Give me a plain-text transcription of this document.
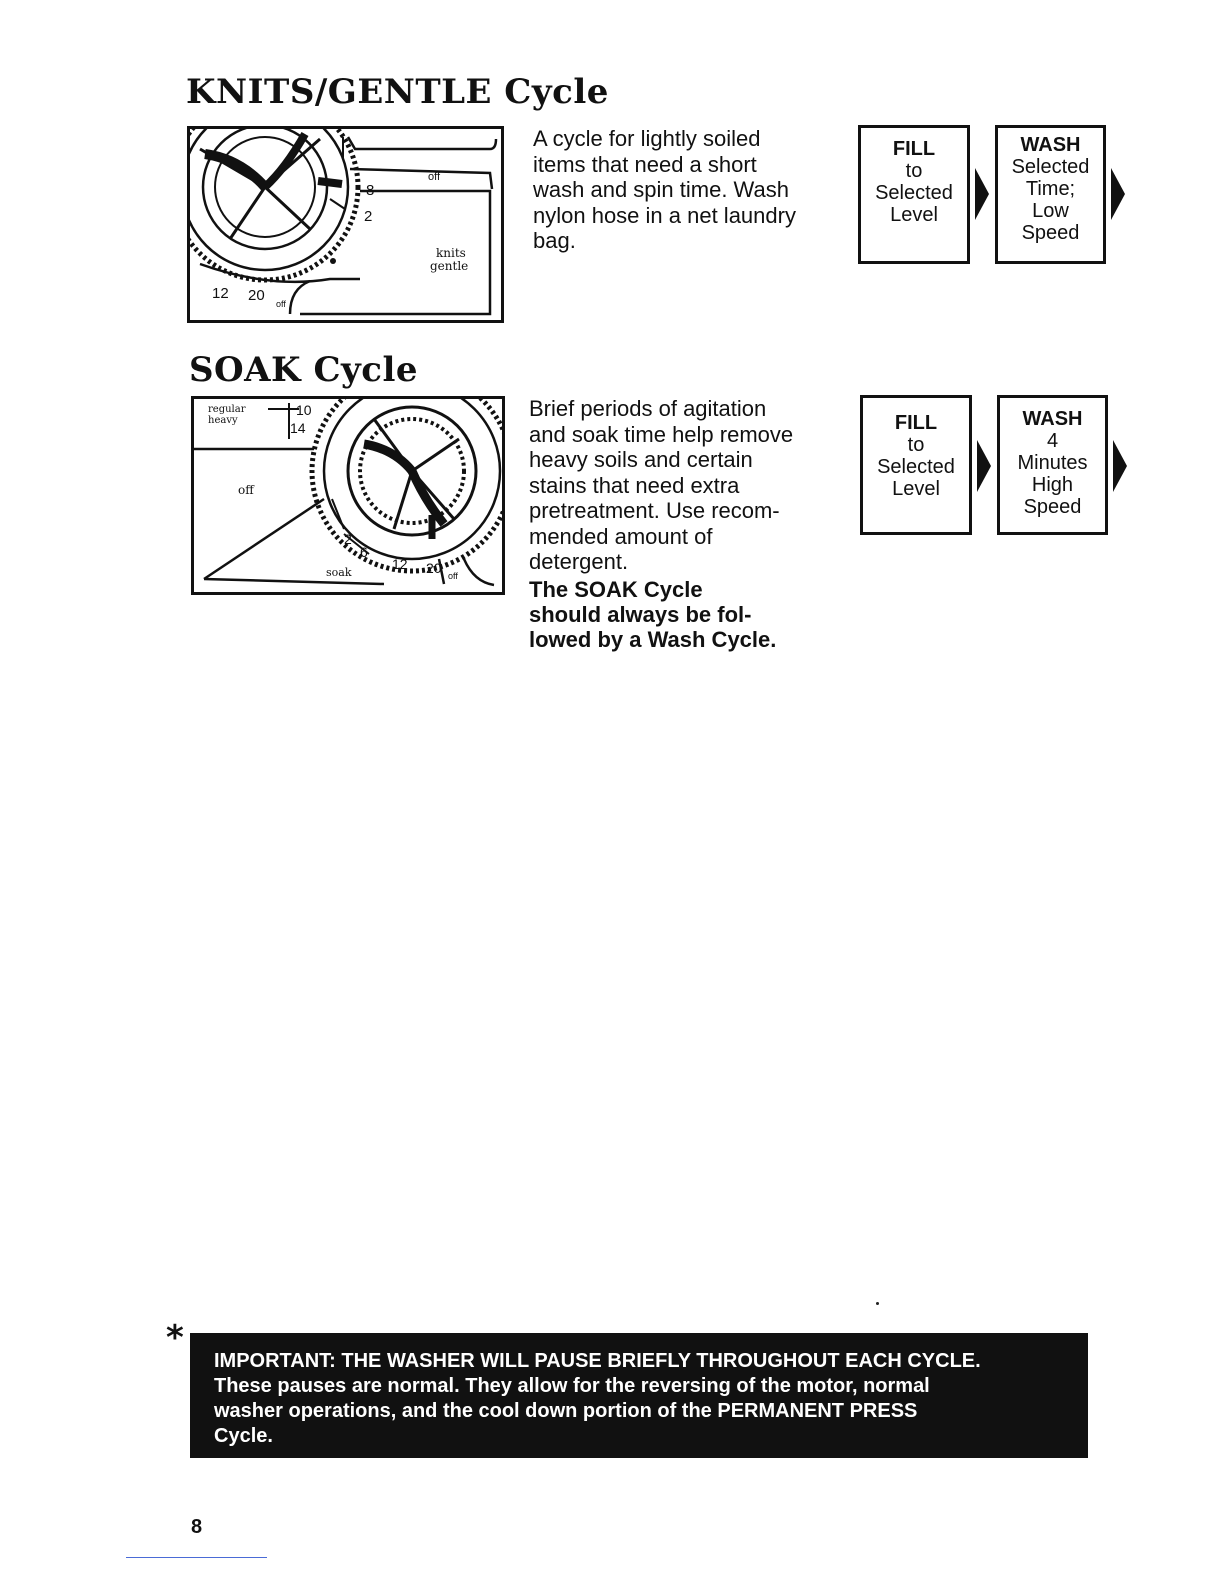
KNITS/GENTLE Cycle
off
8
2
knits
gentle
12 20 off
A cycle for lightly soiled
items that need a short
wash and spin time. Wash
nylon hose in a net laundry
bag.
FILL
to
Selected
Level
WASH
Selected
Time;
Low
Speed
SOAK Cycle
regular
heavy
10
14
off
2
6
soak
12 20 off
Brief periods of agitation
and soak time help remove
heavy soils and certain
stains that need extra
pretreatment. Use recom-
mended amount of
detergent.
The SOAK Cycle
should always be fol-
lowed by a Wash Cycle.
FILL
to
Selected
Level
WASH
4
Minutes
High
Speed
*

IMPORTANT: THE WASHER WILL PAUSE BRIEFLY THROUGHOUT EACH CYCLE.

These pauses are normal. They allow for the reversing of the motor, normal

washer operations, and the cool down portion of the PERMANENT PRESS

Cycle.

8
